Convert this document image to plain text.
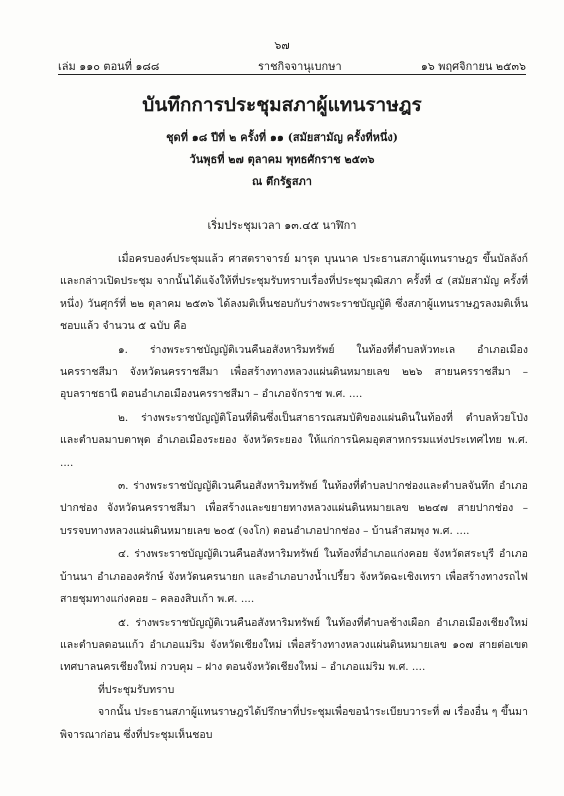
๖๗
เล่ม ๑๑๐ ตอนที่ ๑๘๘	ราชกิจจานุเบกษา	๑๖ พฤศจิกายน ๒๕๓๖
บันทึกการประชุมสภาผู้แทนราษฎร
ชุดที่ ๑๘ ปีที่ ๒ ครั้งที่ ๑๑ (สมัยสามัญ ครั้งที่หนึ่ง)
วันพุธที่ ๒๗ ตุลาคม พุทธศักราช ๒๕๓๖
ณ ตึกรัฐสภา
เริ่มประชุมเวลา ๑๓.๔๕ นาฬิกา

เมื่อครบองค์ประชุมแล้ว ศาสตราจารย์ มารุต บุนนาค ประธานสภาผู้แทนราษฎร ขึ้นบัลลังก์ และกล่าวเปิดประชุม จากนั้นได้แจ้งให้ที่ประชุมรับทราบเรื่องที่ประชุมวุฒิสภา ครั้งที่ ๔ (สมัยสามัญ ครั้งที่หนึ่ง) วันศุกร์ที่ ๒๒ ตุลาคม ๒๕๓๖ ได้ลงมติเห็นชอบกับร่างพระราชบัญญัติ ซึ่งสภาผู้แทนราษฎรลงมติเห็นชอบแล้ว จำนวน ๕ ฉบับ คือ

๑. ร่างพระราชบัญญัติเวนคืนอสังหาริมทรัพย์ ในท้องที่ตำบลหัวทะเล อำเภอเมืองนครราชสีมา จังหวัดนครราชสีมา เพื่อสร้างทางหลวงแผ่นดินหมายเลข ๒๒๖ สายนครราชสีมา – อุบลราชธานี ตอนอำเภอเมืองนครราชสีมา – อำเภอจักราช พ.ศ. ....

๒. ร่างพระราชบัญญัติโอนที่ดินซึ่งเป็นสาธารณสมบัติของแผ่นดินในท้องที่ ตำบลห้วยโป่ง และตำบลมาบตาพุด อำเภอเมืองระยอง จังหวัดระยอง ให้แก่การนิคมอุตสาหกรรมแห่งประเทศไทย พ.ศ. ....

๓. ร่างพระราชบัญญัติเวนคืนอสังหาริมทรัพย์ ในท้องที่ตำบลปากช่องและตำบลจันทึก อำเภอปากช่อง จังหวัดนครราชสีมา เพื่อสร้างและขยายทางหลวงแผ่นดินหมายเลข ๒๒๔๗ สายปากช่อง – บรรจบทางหลวงแผ่นดินหมายเลข ๒๐๕ (จงโก) ตอนอำเภอปากช่อง – บ้านลำสมพุง พ.ศ. ....

๔. ร่างพระราชบัญญัติเวนคืนอสังหาริมทรัพย์ ในท้องที่อำเภอแก่งคอย จังหวัดสระบุรี อำเภอบ้านนา อำเภอองครักษ์ จังหวัดนครนายก และอำเภอบางน้ำเปรี้ยว จังหวัดฉะเชิงเทรา เพื่อสร้างทางรถไฟสายชุมทางแก่งคอย – คลองสิบเก้า พ.ศ. ....

๕. ร่างพระราชบัญญัติเวนคืนอสังหาริมทรัพย์ ในท้องที่ตำบลช้างเผือก อำเภอเมืองเชียงใหม่ และตำบลดอนแก้ว อำเภอแม่ริม จังหวัดเชียงใหม่ เพื่อสร้างทางหลวงแผ่นดินหมายเลข ๑๐๗ สายต่อเขตเทศบาลนครเชียงใหม่ กวบคุม – ฝาง ตอนจังหวัดเชียงใหม่ – อำเภอแม่ริม พ.ศ. ....

ที่ประชุมรับทราบ

จากนั้น ประธานสภาผู้แทนราษฎรได้ปรึกษาที่ประชุมเพื่อขอนำระเบียบวาระที่ ๗ เรื่องอื่น ๆ ขึ้นมาพิจารณาก่อน ซึ่งที่ประชุมเห็นชอบ
